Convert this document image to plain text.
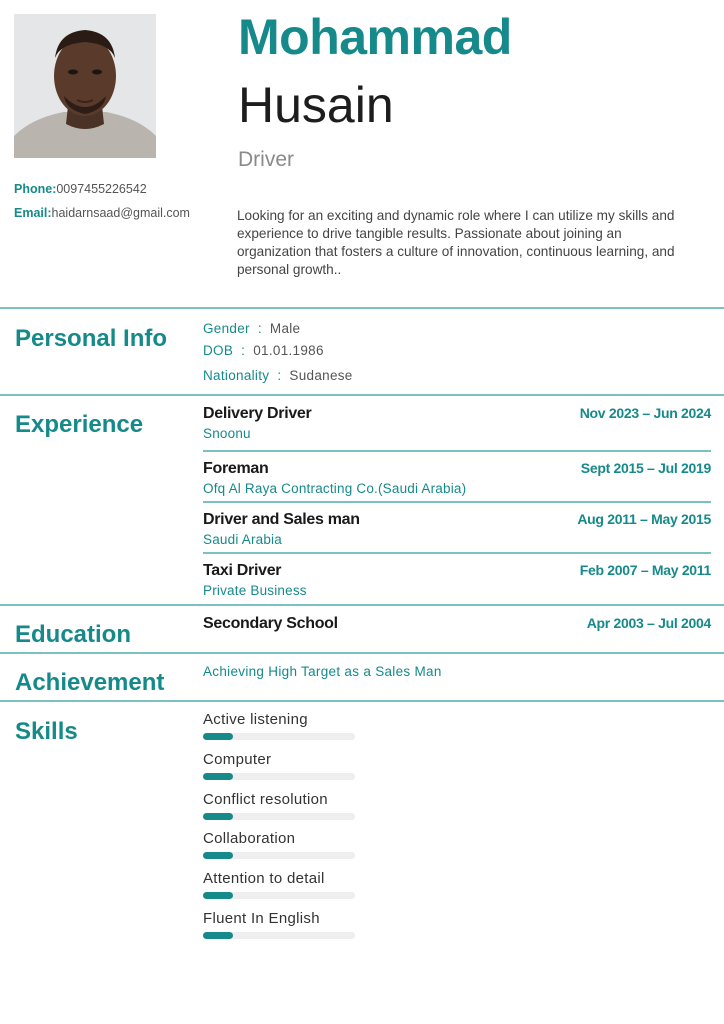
Phone:0097455226542
Email:haidarnsaad@gmail.com
Mohammad
Husain
Driver
Looking for an exciting and dynamic role where I can utilize my skills and experience to drive tangible results. Passionate about joining an organization that fosters a culture of innovation, continuous learning, and personal growth..
Personal Info	Gender : Male
DOB : 01.01.1986
Nationality : Sudanese
Experience	Delivery Driver	Nov 2023 – Jun 2024
Snoonu
Foreman	Sept 2015 – Jul 2019
Ofq Al Raya Contracting Co.(Saudi Arabia)
Driver and Sales man	Aug 2011 – May 2015
Saudi Arabia
Taxi Driver	Feb 2007 – May 2011
Private Business
Education	Secondary School	Apr 2003 – Jul 2004
Achievement	Achieving High Target as a Sales Man
Skills	Active listening
Computer
Conflict resolution
Collaboration
Attention to detail
Fluent In English
